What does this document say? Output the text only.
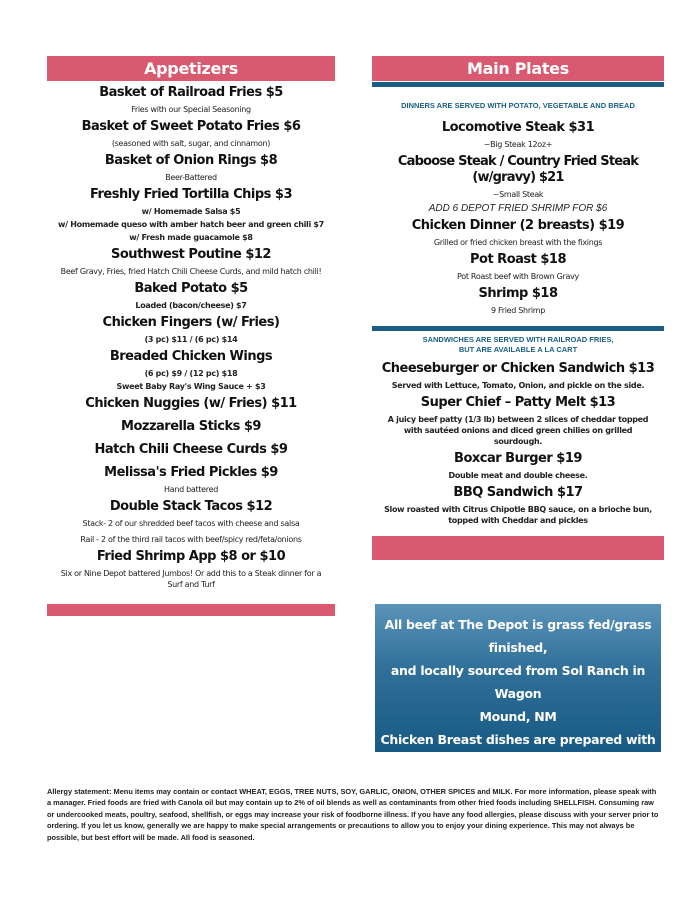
Appetizers
Basket of Railroad Fries $5
Fries with our Special Seasoning
Basket of Sweet Potato Fries $6
(seasoned with salt, sugar, and cinnamon)
Basket of Onion Rings $8
Beer-Battered
Freshly Fried Tortilla Chips $3
w/ Homemade Salsa $5
w/ Homemade queso with amber hatch beer and green chili $7
w/ Fresh made guacamole $8
Southwest Poutine $12
Beef Gravy, Fries, fried Hatch Chili Cheese Curds, and mild hatch chili!
Baked Potato $5
Loaded (bacon/cheese) $7
Chicken Fingers (w/ Fries)
(3 pc) $11 / (6 pc) $14
Breaded Chicken Wings
(6 pc) $9 / (12 pc) $18
Sweet Baby Ray's Wing Sauce + $3
Chicken Nuggies (w/ Fries) $11
Mozzarella Sticks $9
Hatch Chili Cheese Curds $9
Melissa's Fried Pickles $9
Hand battered
Double Stack Tacos $12
Stack- 2 of our shredded beef tacos with cheese and salsa
Rail - 2 of the third rail tacos with beef/spicy red/feta/onions
Fried Shrimp App $8 or $10
Six or Nine Depot battered Jumbos! Or add this to a Steak dinner for a Surf and Turf
Main Plates
DINNERS ARE SERVED WITH POTATO, VEGETABLE AND BREAD
Locomotive Steak $31
~Big Steak 12oz+
Caboose Steak / Country Fried Steak (w/gravy) $21
~Small Steak
ADD 6 DEPOT FRIED SHRIMP FOR $6
Chicken Dinner (2 breasts) $19
Grilled or fried chicken breast with the fixings
Pot Roast $18
Pot Roast beef with Brown Gravy
Shrimp $18
9 Fried Shrimp
SANDWICHES ARE SERVED WITH RAILROAD FRIES, BUT ARE AVAILABLE A LA CART
Cheeseburger or Chicken Sandwich $13
Served with Lettuce, Tomato, Onion, and pickle on the side.
Super Chief – Patty Melt $13
A juicy beef patty (1/3 lb) between 2 slices of cheddar topped with sautéed onions and diced green chilies on grilled sourdough.
Boxcar Burger $19
Double meat and double cheese.
BBQ Sandwich $17
Slow roasted with Citrus Chipotle BBQ sauce, on a brioche bun, topped with Cheddar and pickles
All beef at The Depot is grass fed/grass finished,
and locally sourced from Sol Ranch in Wagon
Mound, NM
Chicken Breast dishes are prepared with
humanely raised chicken
(helping to prevent the chicken apocalypse when they rise up)
Allergy statement: Menu items may contain or contact WHEAT, EGGS, TREE NUTS, SOY, GARLIC, ONION, OTHER SPICES and MILK. For more information, please speak with a manager. Fried foods are fried with Canola oil but may contain up to 2% of oil blends as well as contaminants from other fried foods including SHELLFISH. Consuming raw or undercooked meats, poultry, seafood, shellfish, or eggs may increase your risk of foodborne illness. If you have any food allergies, please discuss with your server prior to ordering. If you let us know, generally we are happy to make special arrangements or precautions to allow you to enjoy your dining experience. This may not always be possible, but best effort will be made. All food is seasoned.
